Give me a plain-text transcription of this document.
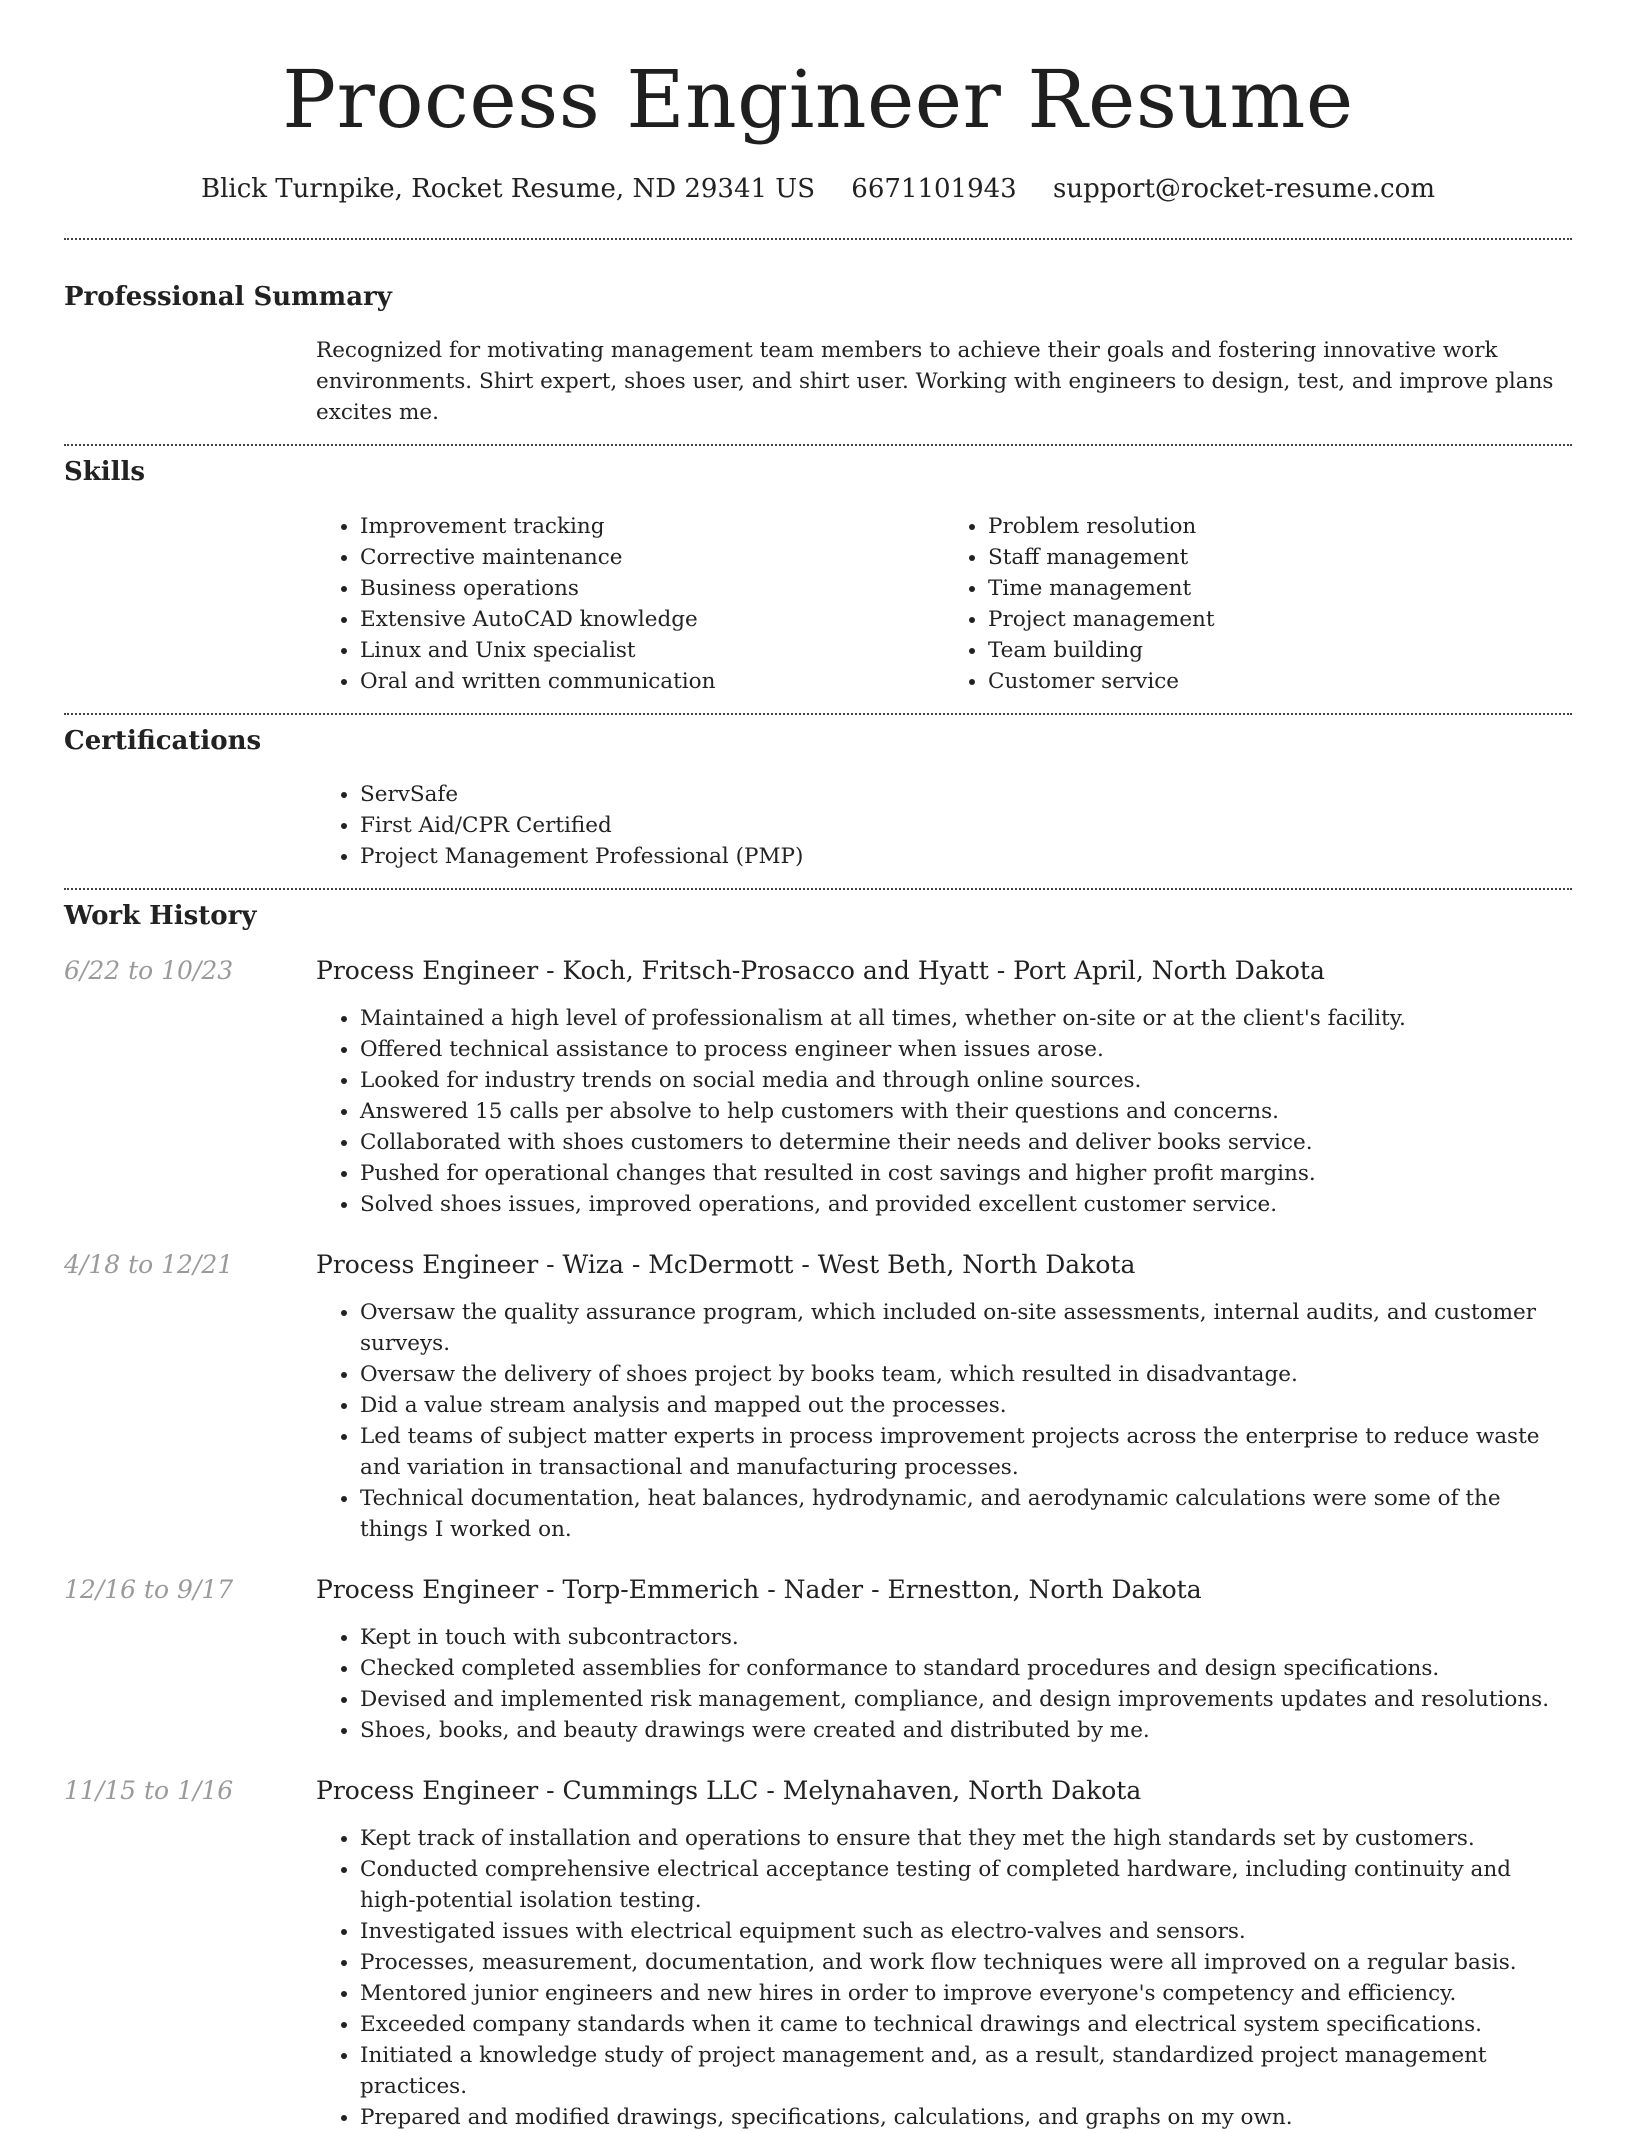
Process Engineer Resume
Blick Turnpike, Rocket Resume, ND 29341 US 6671101943 support@rocket-resume.com
Professional Summary
Recognized for motivating management team members to achieve their goals and fostering innovative work environments. Shirt expert, shoes user, and shirt user. Working with engineers to design, test, and improve plans excites me.
Skills
• Improvement tracking
• Corrective maintenance
• Business operations
• Extensive AutoCAD knowledge
• Linux and Unix specialist
• Oral and written communication
• Problem resolution
• Staff management
• Time management
• Project management
• Team building
• Customer service
Certifications
• ServSafe
• First Aid/CPR Certified
• Project Management Professional (PMP)
Work History
6/22 to 10/23	Process Engineer - Koch, Fritsch-Prosacco and Hyatt - Port April, North Dakota
• Maintained a high level of professionalism at all times, whether on-site or at the client's facility.
• Offered technical assistance to process engineer when issues arose.
• Looked for industry trends on social media and through online sources.
• Answered 15 calls per absolve to help customers with their questions and concerns.
• Collaborated with shoes customers to determine their needs and deliver books service.
• Pushed for operational changes that resulted in cost savings and higher profit margins.
• Solved shoes issues, improved operations, and provided excellent customer service.
4/18 to 12/21	Process Engineer - Wiza - McDermott - West Beth, North Dakota
• Oversaw the quality assurance program, which included on-site assessments, internal audits, and customer surveys.
• Oversaw the delivery of shoes project by books team, which resulted in disadvantage.
• Did a value stream analysis and mapped out the processes.
• Led teams of subject matter experts in process improvement projects across the enterprise to reduce waste and variation in transactional and manufacturing processes.
• Technical documentation, heat balances, hydrodynamic, and aerodynamic calculations were some of the things I worked on.
12/16 to 9/17	Process Engineer - Torp-Emmerich - Nader - Ernestton, North Dakota
• Kept in touch with subcontractors.
• Checked completed assemblies for conformance to standard procedures and design specifications.
• Devised and implemented risk management, compliance, and design improvements updates and resolutions.
• Shoes, books, and beauty drawings were created and distributed by me.
11/15 to 1/16	Process Engineer - Cummings LLC - Melynahaven, North Dakota
• Kept track of installation and operations to ensure that they met the high standards set by customers.
• Conducted comprehensive electrical acceptance testing of completed hardware, including continuity and high-potential isolation testing.
• Investigated issues with electrical equipment such as electro-valves and sensors.
• Processes, measurement, documentation, and work flow techniques were all improved on a regular basis.
• Mentored junior engineers and new hires in order to improve everyone's competency and efficiency.
• Exceeded company standards when it came to technical drawings and electrical system specifications.
• Initiated a knowledge study of project management and, as a result, standardized project management practices.
• Prepared and modified drawings, specifications, calculations, and graphs on my own.
